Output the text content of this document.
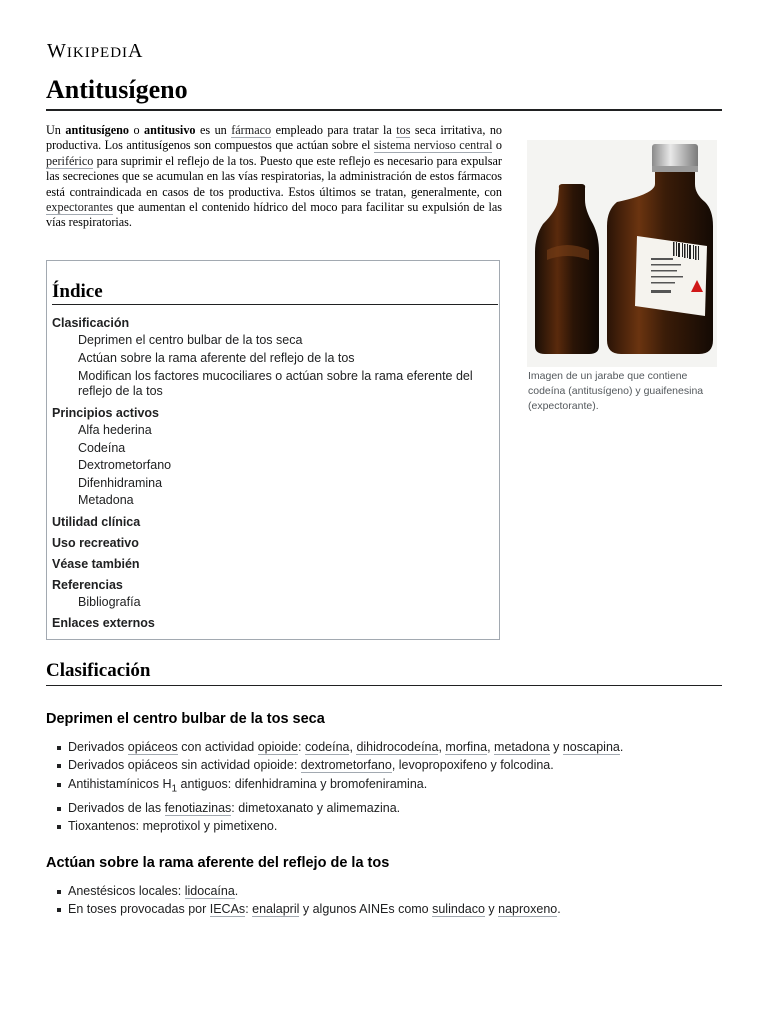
WIKIPEDIA
Antitusígeno

Un antitusígeno o antitusivo es un fármaco empleado para tratar la tos seca irritativa, no productiva. Los antitusígenos son compuestos que actúan sobre el sistema nervioso central o periférico para suprimir el reflejo de la tos. Puesto que este reflejo es necesario para expulsar las secreciones que se acumulan en las vías respiratorias, la administración de estos fármacos está contraindicada en casos de tos productiva. Estos últimos se tratan, generalmente, con expectorantes que aumentan el contenido hídrico del moco para facilitar su expulsión de las vías respiratorias.

Imagen de un jarabe que contiene codeína (antitusígeno) y guaifenesina (expectorante).
Índice
Clasificación
Deprimen el centro bulbar de la tos seca
Actúan sobre la rama aferente del reflejo de la tos
Modifican los factores mucociliares o actúan sobre la rama eferente del reflejo de la tos
Principios activos
Alfa hederina
Codeína
Dextrometorfano
Difenhidramina
Metadona
Utilidad clínica
Uso recreativo
Véase también
Referencias
Bibliografía
Enlaces externos
Clasificación
Deprimen el centro bulbar de la tos seca
Derivados opiáceos con actividad opioide: codeína, dihidrocodeína, morfina, metadona y noscapina.
Derivados opiáceos sin actividad opioide: dextrometorfano, levopropoxifeno y folcodina.
Antihistamínicos $H_1$ antiguos: difenhidramina y bromofeniramina.
Derivados de las fenotiazinas: dimetoxanato y alimemazina.
Tioxantenos: meprotixol y pimetixeno.
Actúan sobre la rama aferente del reflejo de la tos
Anestésicos locales: lidocaína.
En toses provocadas por IECAs: enalapril y algunos AINEs como sulindaco y naproxeno.
